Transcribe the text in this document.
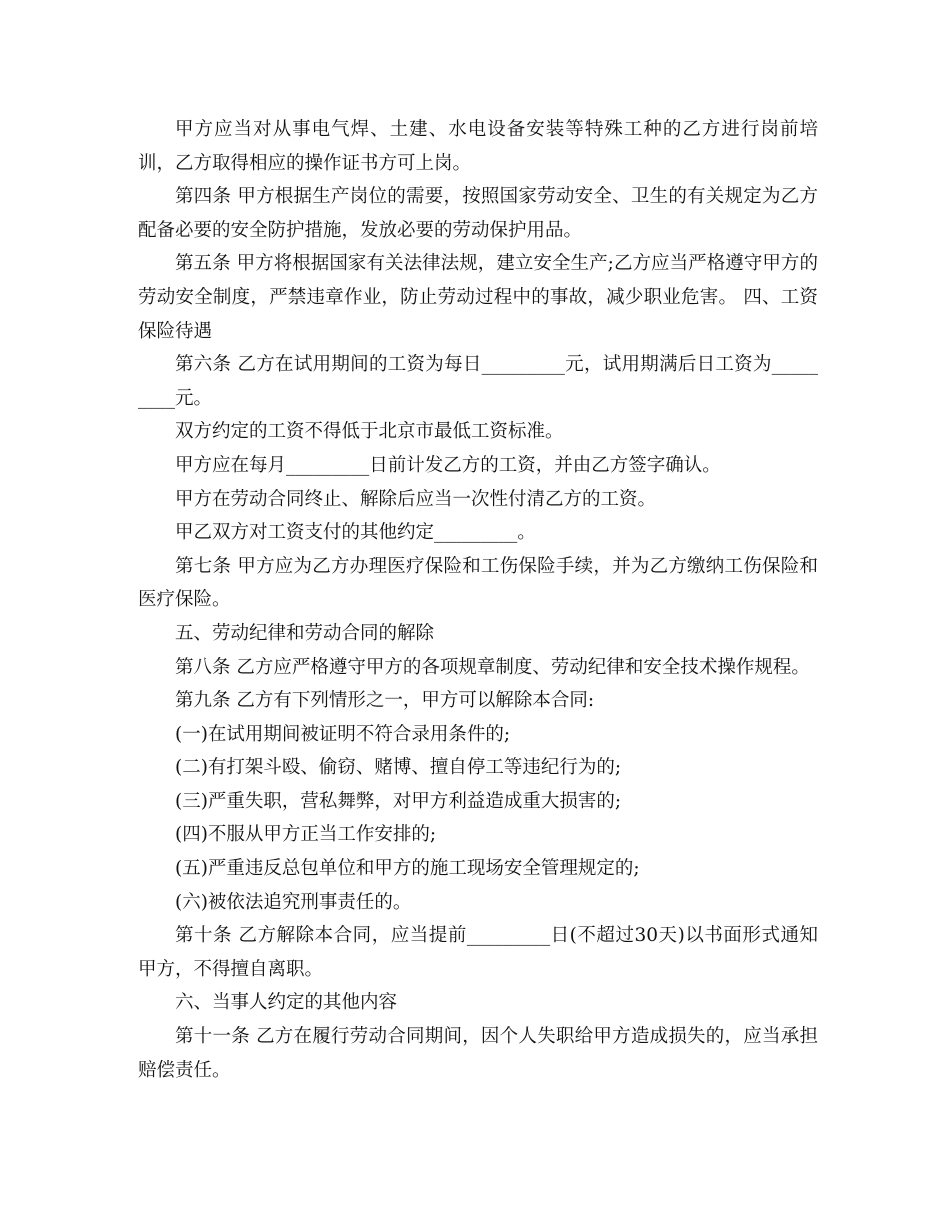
甲方应当对从事电气焊、土建、水电设备安装等特殊工种的乙方进行岗前培训，乙方取得相应的操作证书方可上岗。

第四条 甲方根据生产岗位的需要，按照国家劳动安全、卫生的有关规定为乙方配备必要的安全防护措施，发放必要的劳动保护用品。

第五条 甲方将根据国家有关法律法规，建立安全生产;乙方应当严格遵守甲方的劳动安全制度，严禁违章作业，防止劳动过程中的事故，减少职业危害。 四、工资保险待遇

第六条 乙方在试用期间的工资为每日_________元，试用期满后日工资为_________元。

双方约定的工资不得低于北京市最低工资标准。

甲方应在每月_________日前计发乙方的工资，并由乙方签字确认。

甲方在劳动合同终止、解除后应当一次性付清乙方的工资。

甲乙双方对工资支付的其他约定_________。

第七条 甲方应为乙方办理医疗保险和工伤保险手续，并为乙方缴纳工伤保险和医疗保险。

五、劳动纪律和劳动合同的解除

第八条 乙方应严格遵守甲方的各项规章制度、劳动纪律和安全技术操作规程。

第九条 乙方有下列情形之一，甲方可以解除本合同:

(一)在试用期间被证明不符合录用条件的;

(二)有打架斗殴、偷窃、赌博、擅自停工等违纪行为的;

(三)严重失职，营私舞弊，对甲方利益造成重大损害的;

(四)不服从甲方正当工作安排的;

(五)严重违反总包单位和甲方的施工现场安全管理规定的;

(六)被依法追究刑事责任的。

第十条 乙方解除本合同，应当提前_________日(不超过30天)以书面形式通知甲方，不得擅自离职。

六、当事人约定的其他内容

第十一条 乙方在履行劳动合同期间，因个人失职给甲方造成损失的，应当承担赔偿责任。
